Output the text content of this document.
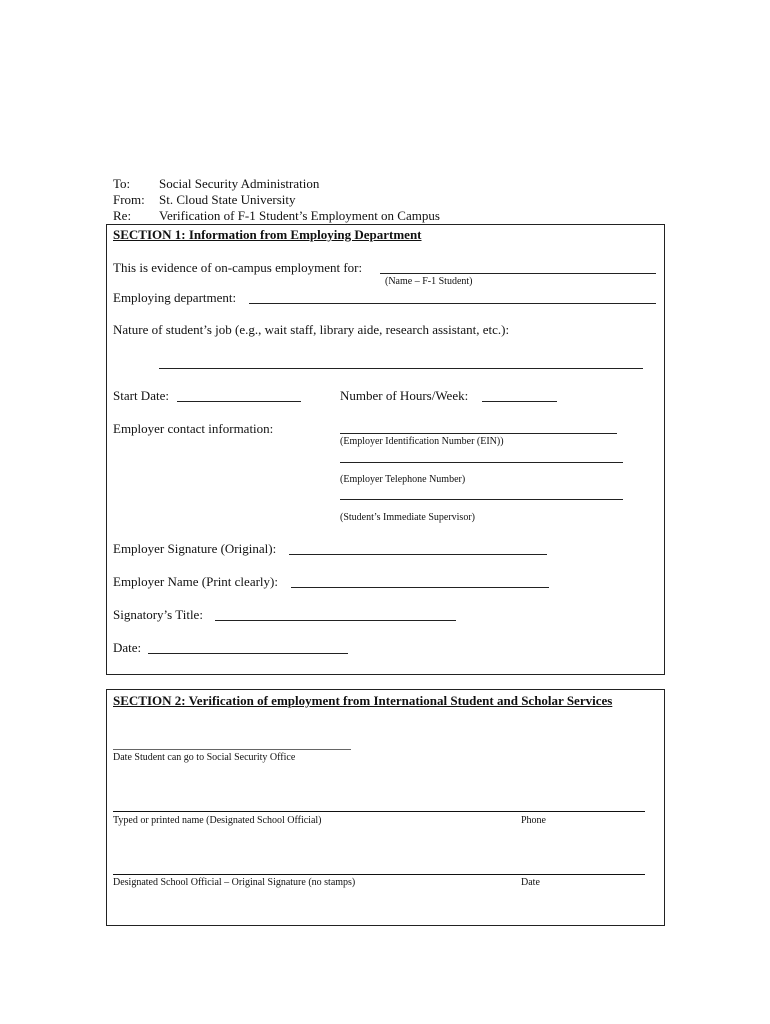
To: Social Security Administration
From: St. Cloud State University
Re: Verification of F-1 Student’s Employment on Campus
SECTION 1: Information from Employing Department
This is evidence of on-campus employment for:
(Name – F-1 Student)
Employing department:
Nature of student’s job (e.g., wait staff, library aide, research assistant, etc.):
Start Date:	Number of Hours/Week:
Employer contact information:
(Employer Identification Number (EIN))
(Employer Telephone Number)
(Student’s Immediate Supervisor)
Employer Signature (Original):
Employer Name (Print clearly):
Signatory’s Title:
Date:
SECTION 2: Verification of employment from International Student and Scholar Services
Date Student can go to Social Security Office
Typed or printed name (Designated School Official)	Phone
Designated School Official – Original Signature (no stamps)	Date
